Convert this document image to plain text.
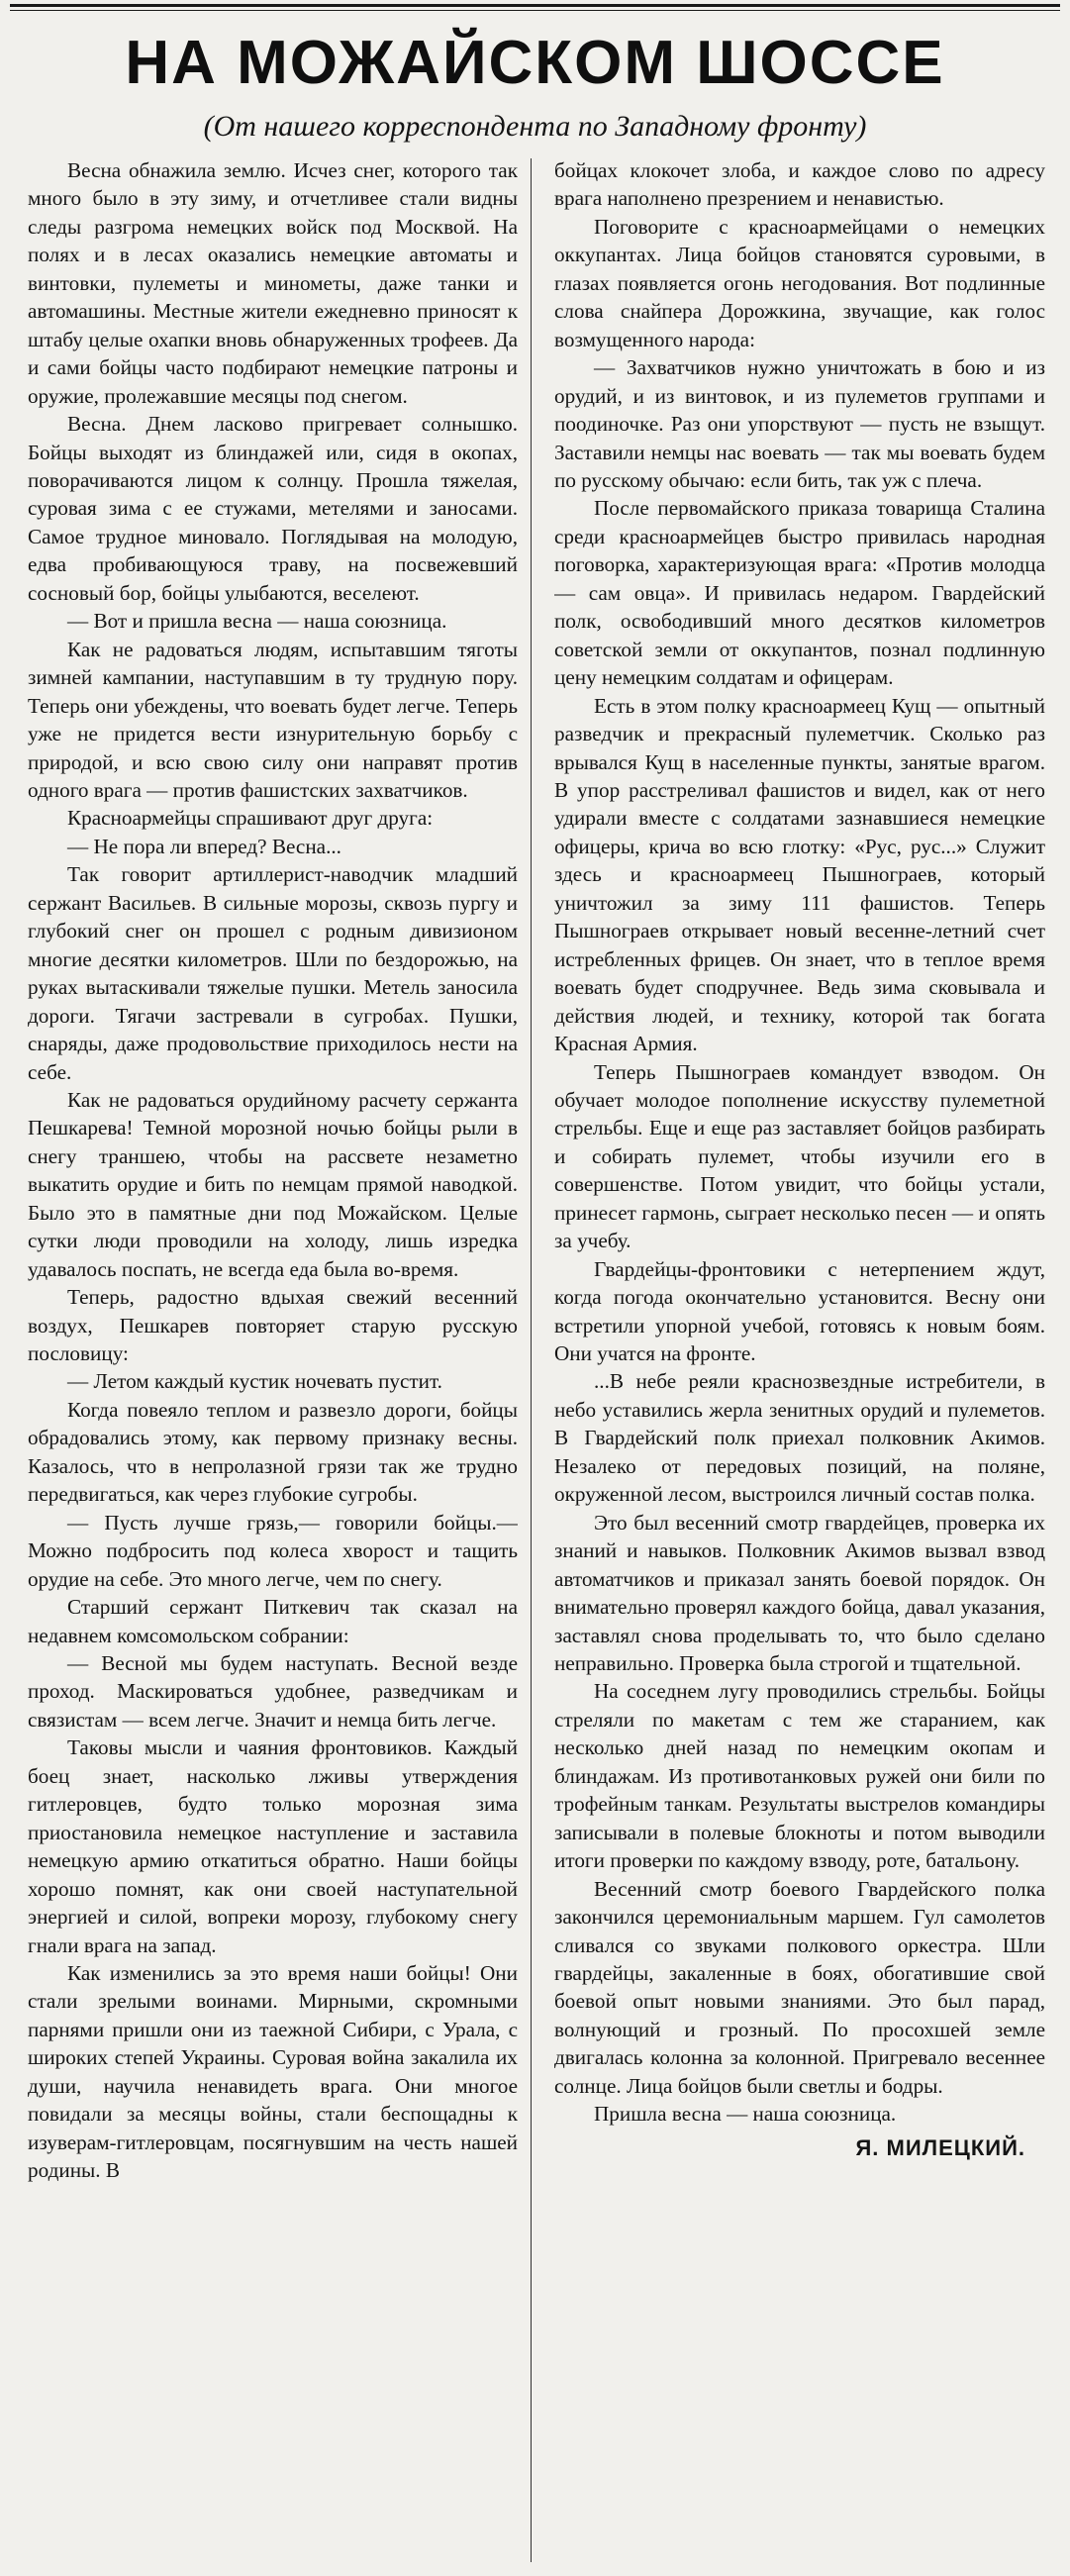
НА МОЖАЙСКОМ ШОССЕ
(От нашего корреспондента по Западному фронту)

Весна обнажила землю. Исчез снег, которого так много было в эту зиму, и отчетливее стали видны следы разгрома немецких войск под Москвой. На полях и в лесах оказались немецкие автоматы и винтовки, пулеметы и минометы, даже танки и автомашины. Местные жители ежедневно приносят к штабу целые охапки вновь обнаруженных трофеев. Да и сами бойцы часто подбирают немецкие патроны и оружие, пролежавшие месяцы под снегом.

Весна. Днем ласково пригревает солнышко. Бойцы выходят из блиндажей или, сидя в окопах, поворачиваются лицом к солнцу. Прошла тяжелая, суровая зима с ее стужами, метелями и заносами. Самое трудное миновало. Поглядывая на молодую, едва пробивающуюся траву, на посвежевший сосновый бор, бойцы улыбаются, веселеют.

— Вот и пришла весна — наша союзница.

Как не радоваться людям, испытавшим тяготы зимней кампании, наступавшим в ту трудную пору. Теперь они убеждены, что воевать будет легче. Теперь уже не придется вести изнурительную борьбу с природой, и всю свою силу они направят против одного врага — против фашистских захватчиков.

Красноармейцы спрашивают друг друга:

— Не пора ли вперед? Весна...

Так говорит артиллерист-наводчик младший сержант Васильев. В сильные морозы, сквозь пургу и глубокий снег он прошел с родным дивизионом многие десятки километров. Шли по бездорожью, на руках вытаскивали тяжелые пушки. Метель заносила дороги. Тягачи застревали в сугробах. Пушки, снаряды, даже продовольствие приходилось нести на себе.

Как не радоваться орудийному расчету сержанта Пешкарева! Темной морозной ночью бойцы рыли в снегу траншею, чтобы на рассвете незаметно выкатить орудие и бить по немцам прямой наводкой. Было это в памятные дни под Можайском. Целые сутки люди проводили на холоду, лишь изредка удавалось поспать, не всегда еда была во-время.

Теперь, радостно вдыхая свежий весенний воздух, Пешкарев повторяет старую русскую пословицу:

— Летом каждый кустик ночевать пустит.

Когда повеяло теплом и развезло дороги, бойцы обрадовались этому, как первому признаку весны. Казалось, что в непролазной грязи так же трудно передвигаться, как через глубокие сугробы.

— Пусть лучше грязь,— говорили бойцы.— Можно подбросить под колеса хворост и тащить орудие на себе. Это много легче, чем по снегу.

Старший сержант Питкевич так сказал на недавнем комсомольском собрании:

— Весной мы будем наступать. Весной везде проход. Маскироваться удобнее, разведчикам и связистам — всем легче. Значит и немца бить легче.

Таковы мысли и чаяния фронтовиков. Каждый боец знает, насколько лживы утверждения гитлеровцев, будто только морозная зима приостановила немецкое наступление и заставила немецкую армию откатиться обратно. Наши бойцы хорошо помнят, как они своей наступательной энергией и силой, вопреки морозу, глубокому снегу гнали врага на запад.

Как изменились за это время наши бойцы! Они стали зрелыми воинами. Мирными, скромными парнями пришли они из таежной Сибири, с Урала, с широких степей Украины. Суровая война закалила их души, научила ненавидеть врага. Они многое повидали за месяцы войны, стали беспощадны к изуверам-гитлеровцам, посягнувшим на честь нашей родины. В

бойцах клокочет злоба, и каждое слово по адресу врага наполнено презрением и ненавистью.

Поговорите с красноармейцами о немецких оккупантах. Лица бойцов становятся суровыми, в глазах появляется огонь негодования. Вот подлинные слова снайпера Дорожкина, звучащие, как голос возмущенного народа:

— Захватчиков нужно уничтожать в бою и из орудий, и из винтовок, и из пулеметов группами и поодиночке. Раз они упорствуют — пусть не взыщут. Заставили немцы нас воевать — так мы воевать будем по русскому обычаю: если бить, так уж с плеча.

После первомайского приказа товарища Сталина среди красноармейцев быстро привилась народная поговорка, характеризующая врага: «Против молодца — сам овца». И привилась недаром. Гвардейский полк, освободивший много десятков километров советской земли от оккупантов, познал подлинную цену немецким солдатам и офицерам.

Есть в этом полку красноармеец Кущ — опытный разведчик и прекрасный пулеметчик. Сколько раз врывался Кущ в населенные пункты, занятые врагом. В упор расстреливал фашистов и видел, как от него удирали вместе с солдатами зазнавшиеся немецкие офицеры, крича во всю глотку: «Рус, рус...» Служит здесь и красноармеец Пышнограев, который уничтожил за зиму 111 фашистов. Теперь Пышнограев открывает новый весенне-летний счет истребленных фрицев. Он знает, что в теплое время воевать будет сподручнее. Ведь зима сковывала и действия людей, и технику, которой так богата Красная Армия.

Теперь Пышнограев командует взводом. Он обучает молодое пополнение искусству пулеметной стрельбы. Еще и еще раз заставляет бойцов разбирать и собирать пулемет, чтобы изучили его в совершенстве. Потом увидит, что бойцы устали, принесет гармонь, сыграет несколько песен — и опять за учебу.

Гвардейцы-фронтовики с нетерпением ждут, когда погода окончательно установится. Весну они встретили упорной учебой, готовясь к новым боям. Они учатся на фронте.

...В небе реяли краснозвездные истребители, в небо уставились жерла зенитных орудий и пулеметов. В Гвардейский полк приехал полковник Акимов. Незалеко от передовых позиций, на поляне, окруженной лесом, выстроился личный состав полка.

Это был весенний смотр гвардейцев, проверка их знаний и навыков. Полковник Акимов вызвал взвод автоматчиков и приказал занять боевой порядок. Он внимательно проверял каждого бойца, давал указания, заставлял снова проделывать то, что было сделано неправильно. Проверка была строгой и тщательной.

На соседнем лугу проводились стрельбы. Бойцы стреляли по макетам с тем же старанием, как несколько дней назад по немецким окопам и блиндажам. Из противотанковых ружей они били по трофейным танкам. Результаты выстрелов командиры записывали в полевые блокноты и потом выводили итоги проверки по каждому взводу, роте, батальону.

Весенний смотр боевого Гвардейского полка закончился церемониальным маршем. Гул самолетов сливался со звуками полкового оркестра. Шли гвардейцы, закаленные в боях, обогатившие свой боевой опыт новыми знаниями. Это был парад, волнующий и грозный. По просохшей земле двигалась колонна за колонной. Пригревало весеннее солнце. Лица бойцов были светлы и бодры.

Пришла весна — наша союзница.

Я. МИЛЕЦКИЙ.
